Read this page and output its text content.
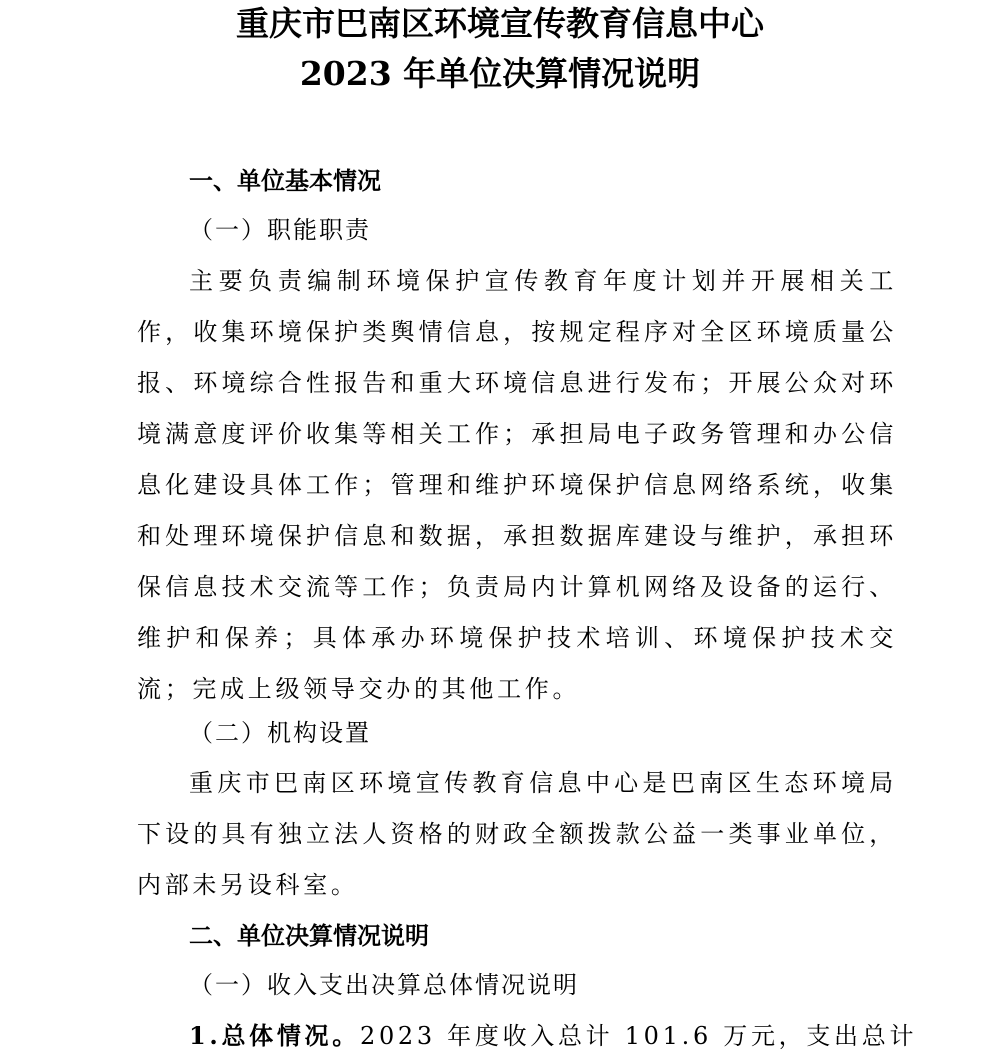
重庆市巴南区环境宣传教育信息中心
2023 年单位决算情况说明
一、单位基本情况
（一）职能职责
主要负责编制环境保护宣传教育年度计划并开展相关工作，收集环境保护类舆情信息，按规定程序对全区环境质量公报、环境综合性报告和重大环境信息进行发布；开展公众对环境满意度评价收集等相关工作；承担局电子政务管理和办公信息化建设具体工作；管理和维护环境保护信息网络系统，收集和处理环境保护信息和数据，承担数据库建设与维护，承担环保信息技术交流等工作；负责局内计算机网络及设备的运行、维护和保养；具体承办环境保护技术培训、环境保护技术交流；完成上级领导交办的其他工作。
（二）机构设置
重庆市巴南区环境宣传教育信息中心是巴南区生态环境局下设的具有独立法人资格的财政全额拨款公益一类事业单位，内部未另设科室。
二、单位决算情况说明
（一）收入支出决算总体情况说明
1.总体情况。2023 年度收入总计 101.6 万元，支出总计
